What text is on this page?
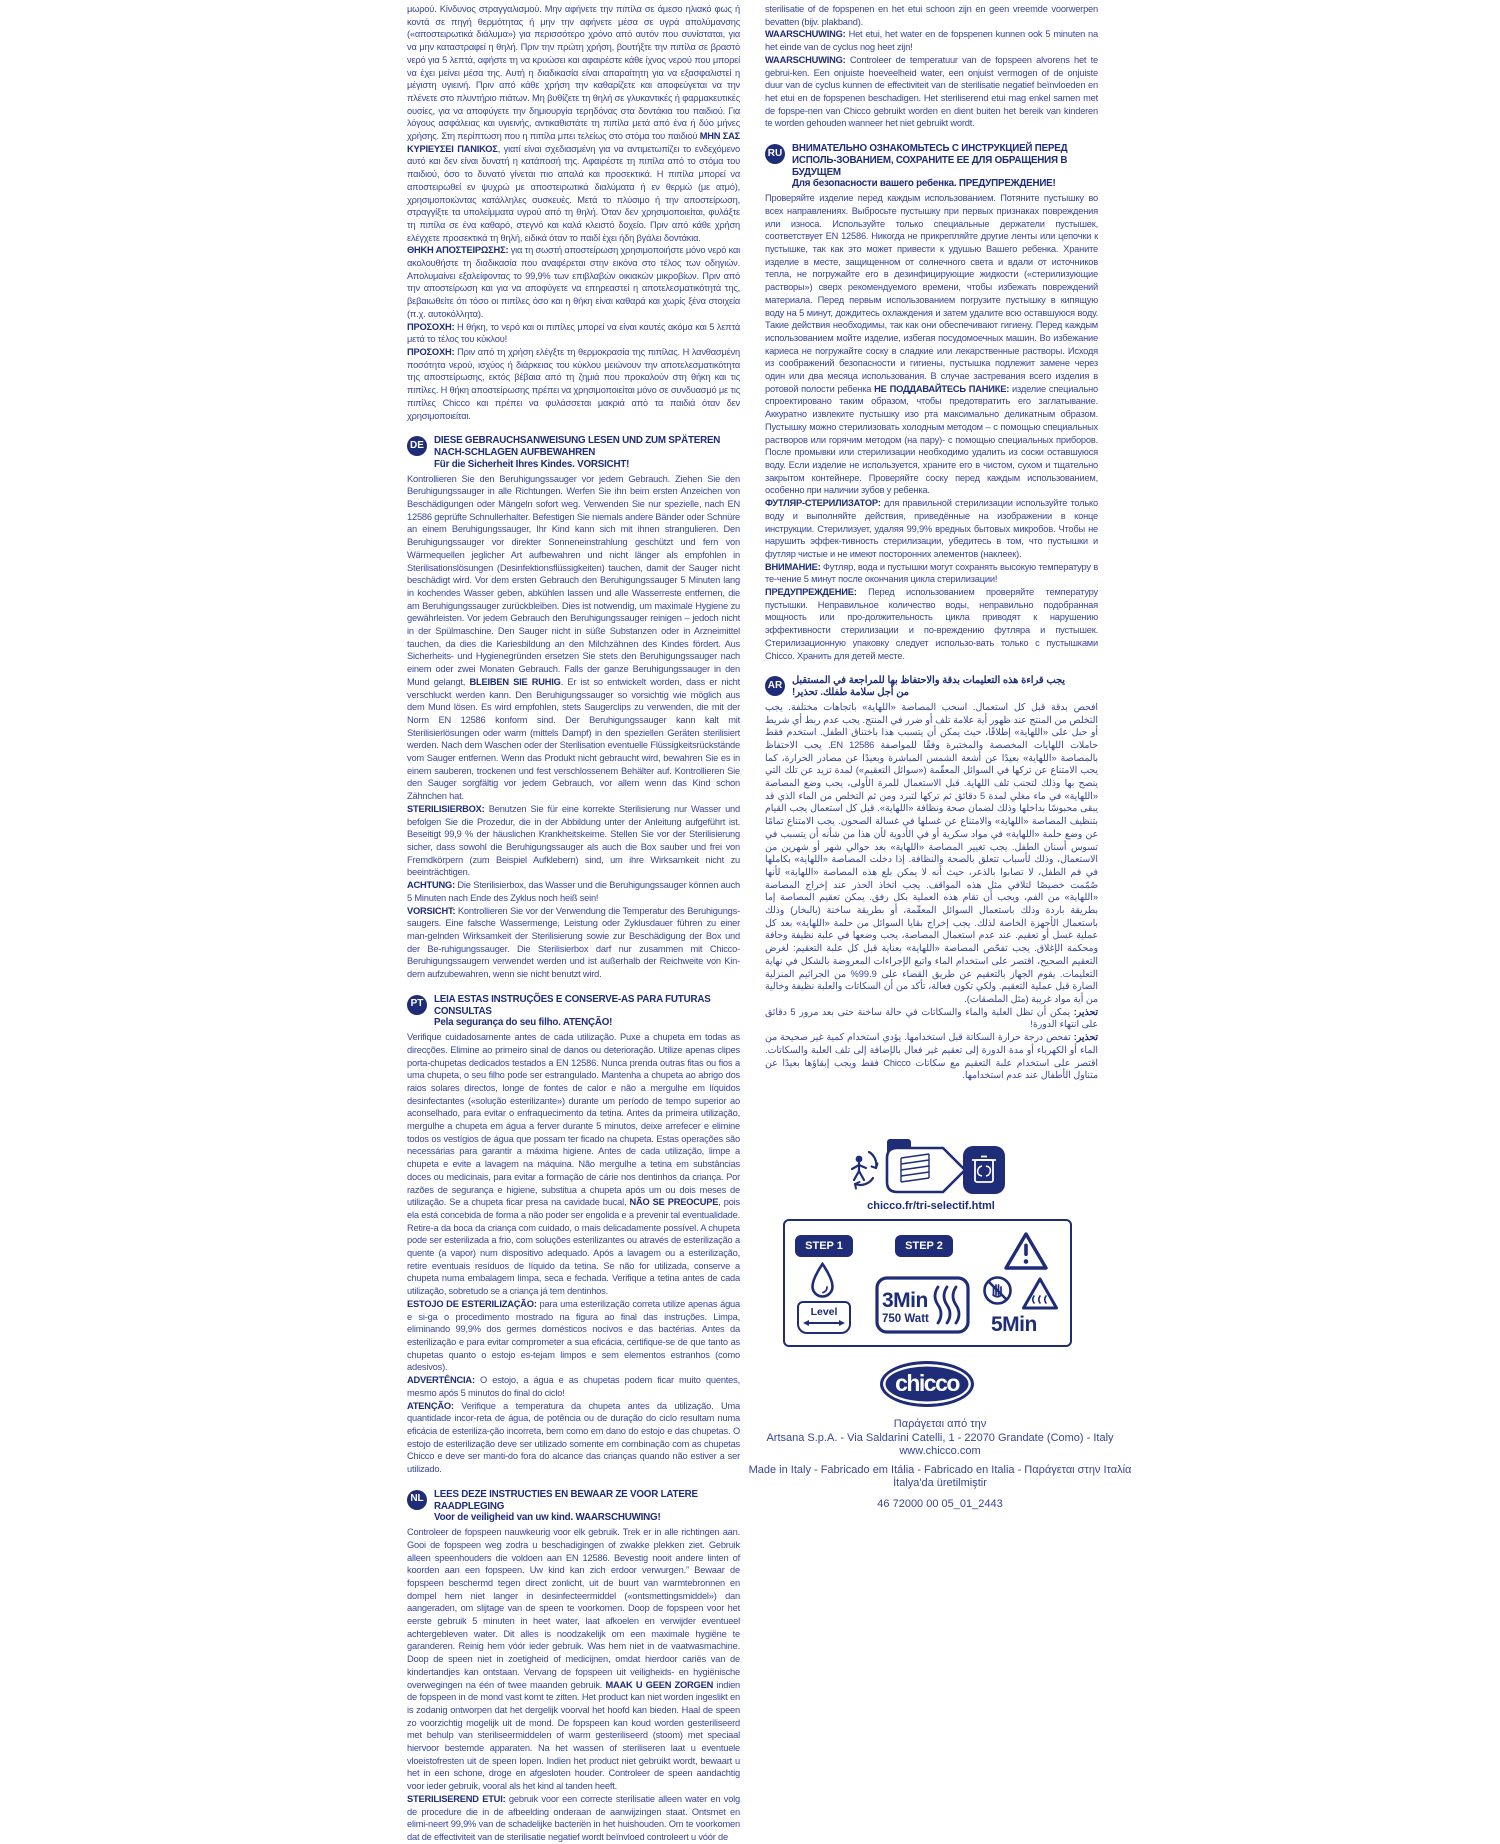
μωρού. Κίνδυνος στραγγαλισμού. Μην αφήνετε την πιπίλα σε άμεσο ηλιακό φως ή κοντά σε πηγή θερμότητας ή μην την αφήνετε μέσα σε υγρά απολύμανσης («αποστειρωτικά διάλυμα») για περισσότερο χρόνο από αυτόν που συνίσταται, για να μην καταστραφεί η θηλή. Πριν την πρώτη χρήση, βουτήξτε την πιπίλα σε βραστό νερό για 5 λεπτά, αφήστε τη να κρυώσει και αφαιρέστε κάθε ίχνος νερού που μπορεί να έχει μείνει μέσα της. Αυτή η διαδικασία είναι απαραίτητη για να εξασφαλιστεί η μέγιστη υγιεινή. Πριν από κάθε χρήση την καθαρίζετε και αποφεύγεται να την πλένετε στο πλυντήριο πιάτων. Μη βυθίζετε τη θηλή σε γλυκαντικές ή φαρμακευτικές ουσίες, για να αποφύγετε την δημιουργία τερηδόνας στα δοντάκια του παιδιού. Για λόγους ασφάλειας και υγιεινής, αντικαθιστάτε τη πιπίλα μετά από ένα ή δύο μήνες χρήσης. Στη περίπτωση που η πιπίλα μπει τελείως στο στόμα του παιδιού ΜΗΝ ΣΑΣ ΚΥΡΙΕΥΣΕΙ ΠΑΝΙΚΟΣ, γιατί είναι σχεδιασμένη για να αντιμετωπίζει το ενδεχόμενο αυτό και δεν είναι δυνατή η κατάποσή της. Αφαιρέστε τη πιπίλα από το στόμα του παιδιού, όσο το δυνατό γίνεται πιο απαλά και προσεκτικά. Η πιπίλα μπορεί να αποστειρωθεί εν ψυχρώ με αποστειρωτικά διαλύματα ή εν θερμώ (με ατμό), χρησιμοποιώντας κατάλληλες συσκευές. Μετά το πλύσιμο ή την αποστείρωση, στραγγίξτε τα υπολείμματα υγρού από τη θηλή. Όταν δεν χρησιμοποιείται, φυλάξτε τη πιπίλα σε ένα καθαρό, στεγνό και καλά κλειστό δοχείο. Πριν από κάθε χρήση ελέγχετε προσεκτικά τη θηλή, ειδικά όταν το παιδί έχει ήδη βγάλει δοντάκια.

ΘΗΚΗ ΑΠΟΣΤΕΙΡΩΣΗΣ: για τη σωστή αποστείρωση χρησιμοποιήστε μόνο νερό και ακολουθήστε τη διαδικασία που αναφέρεται στην εικόνα στο τέλος των οδηγιών. Απολυμαίνει εξαλείφοντας το 99,9% των επιβλαβών οικιακών μικροβίων. Πριν από την αποστείρωση και για να αποφύγετε να επηρεαστεί η αποτελεσματικότητά της, βεβαιωθείτε ότι τόσο οι πιπίλες όσο και η θήκη είναι καθαρά και χωρίς ξένα στοιχεία (π.χ. αυτοκόλλητα).

ΠΡΟΣΟΧΗ: Η θήκη, το νερό και οι πιπίλες μπορεί να είναι καυτές ακόμα και 5 λεπτά μετά το τέλος του κύκλου!

ΠΡΟΣΟΧΗ: Πριν από τη χρήση ελέγξτε τη θερμοκρασία της πιπίλας. Η λανθασμένη ποσότητα νερού, ισχύος ή διάρκειας του κύκλου μειώνουν την αποτελεσματικότητα της αποστείρωσης, εκτός βέβαια από τη ζημιά που προκαλούν στη θήκη και τις πιπίλες. Η θήκη αποστείρωσης πρέπει να χρησιμοποιείται μόνο σε συνδυασμό με τις πιπίλες Chicco και πρέπει να φυλάσσεται μακριά από τα παιδιά όταν δεν χρησιμοποιείται.

DE	DIESE GEBRAUCHSANWEISUNG LESEN UND ZUM SPÄTEREN NACH-SCHLAGEN AUFBEWAHREN
Für die Sicherheit Ihres Kindes. VORSICHT!

Kontrollieren Sie den Beruhigungssauger vor jedem Gebrauch. Ziehen Sie den Beruhigungssauger in alle Richtungen. Werfen Sie ihn beim ersten Anzeichen von Beschädigungen oder Mängeln sofort weg. Verwenden Sie nur spezielle, nach EN 12586 geprüfte Schnullerhalter. Befestigen Sie niemals andere Bänder oder Schnüre an einem Beruhigungssauger, Ihr Kind kann sich mit ihnen strangulieren. Den Beruhigungssauger vor direkter Sonneneinstrahlung geschützt und fern von Wärmequellen jeglicher Art aufbewahren und nicht länger als empfohlen in Sterilisationslösungen (Desinfektionsflüssigkeiten) tauchen, damit der Sauger nicht beschädigt wird. Vor dem ersten Gebrauch den Beruhigungssauger 5 Minuten lang in kochendes Wasser geben, abkühlen lassen und alle Wasserreste entfernen, die am Beruhigungssauger zurückbleiben. Dies ist notwendig, um maximale Hygiene zu gewährleisten. Vor jedem Gebrauch den Beruhigungssauger reinigen – jedoch nicht in der Spülmaschine. Den Sauger nicht in süße Substanzen oder in Arzneimittel tauchen, da dies die Kariesbildung an den Milchzähnen des Kindes fördert. Aus Sicherheits- und Hygienegründen ersetzen Sie stets den Beruhigungssauger nach einem oder zwei Monaten Gebrauch. Falls der ganze Beruhigungssauger in den Mund gelangt, BLEIBEN SIE RUHIG. Er ist so entwickelt worden, dass er nicht verschluckt werden kann. Den Beruhigungssauger so vorsichtig wie möglich aus dem Mund lösen. Es wird empfohlen, stets Saugerclips zu verwenden, die mit der Norm EN 12586 konform sind. Der Beruhigungssauger kann kalt mit Sterilisierlösungen oder warm (mittels Dampf) in den speziellen Geräten sterilisiert werden. Nach dem Waschen oder der Sterilisation eventuelle Flüssigkeitsrückstände vom Sauger entfernen. Wenn das Produkt nicht gebraucht wird, bewahren Sie es in einem sauberen, trockenen und fest verschlossenem Behälter auf. Kontrollieren Sie den Sauger sorgfältig vor jedem Gebrauch, vor allem wenn das Kind schon Zähnchen hat.

STERILISIERBOX: Benutzen Sie für eine korrekte Sterilisierung nur Wasser und befolgen Sie die Prozedur, die in der Abbildung unter der Anleitung aufgeführt ist. Beseitigt 99,9 % der häuslichen Krankheitskeime. Stellen Sie vor der Sterilisierung sicher, dass sowohl die Beruhigungssauger als auch die Box sauber und frei von Fremdkörpern (zum Beispiel Aufklebern) sind, um ihre Wirksamkeit nicht zu beeinträchtigen.

ACHTUNG: Die Sterilisierbox, das Wasser und die Beruhigungssauger können auch 5 Minuten nach Ende des Zyklus noch heiß sein!

VORSICHT: Kontrollieren Sie vor der Verwendung die Temperatur des Beruhigungs-saugers. Eine falsche Wassermenge, Leistung oder Zyklusdauer führen zu einer man-gelnden Wirksamkeit der Sterilisierung sowie zur Beschädigung der Box und der Be-ruhigungssauger. Die Sterilisierbox darf nur zusammen mit Chicco-Beruhigungssaugern verwendet werden und ist außerhalb der Reichweite von Kin-dern aufzubewahren, wenn sie nicht benutzt wird.

PT	LEIA ESTAS INSTRUÇÕES E CONSERVE-AS PARA FUTURAS CONSULTAS
Pela segurança do seu filho. ATENÇÃO!

Verifique cuidadosamente antes de cada utilização. Puxe a chupeta em todas as direcções. Elimine ao primeiro sinal de danos ou deterioração. Utilize apenas clipes porta-chupetas dedicados testados a EN 12586. Nunca prenda outras fitas ou fios a uma chupeta, o seu filho pode ser estrangulado. Mantenha a chupeta ao abrigo dos raios solares directos, longe de fontes de calor e não a mergulhe em líquidos desinfectantes («solução esterilizante») durante um período de tempo superior ao aconselhado, para evitar o enfraquecimento da tetina. Antes da primeira utilização, mergulhe a chupeta em água a ferver durante 5 minutos, deixe arrefecer e elimine todos os vestígios de água que possam ter ficado na chupeta. Estas operações são necessárias para garantir a máxima higiene. Antes de cada utilização, limpe a chupeta e evite a lavagem na máquina. Não mergulhe a tetina em substâncias doces ou medicinais, para evitar a formação de cárie nos dentinhos da criança. Por razões de segurança e higiene, substitua a chupeta após um ou dois meses de utilização. Se a chupeta ficar presa na cavidade bucal, NÃO SE PREOCUPE, pois ela está concebida de forma a não poder ser engolida e a prevenir tal eventualidade. Retire-a da boca da criança com cuidado, o mais delicadamente possível. A chupeta pode ser esterilizada a frio, com soluções esterilizantes ou através de esterilização a quente (a vapor) num dispositivo adequado. Após a lavagem ou a esterilização, retire eventuais resíduos de líquido da tetina. Se não for utilizada, conserve a chupeta numa embalagem limpa, seca e fechada. Verifique a tetina antes de cada utilização, sobretudo se a criança já tem dentinhos.

ESTOJO DE ESTERILIZAÇÃO: para uma esterilização correta utilize apenas água e si-ga o procedimento mostrado na figura ao final das instruções. Limpa, eliminando 99,9% dos germes domésticos nocivos e das bactérias. Antes da esterilização e para evitar comprometer a sua eficácia, certifique-se de que tanto as chupetas quanto o estojo es-tejam limpos e sem elementos estranhos (como adesivos).

ADVERTÊNCIA: O estojo, a água e as chupetas podem ficar muito quentes, mesmo após 5 minutos do final do ciclo!

ATENÇÃO: Verifique a temperatura da chupeta antes da utilização. Uma quantidade incor-reta de água, de potência ou de duração do ciclo resultam numa eficácia de esteriliza-ção incorreta, bem como em dano do estojo e das chupetas. O estojo de esterilização deve ser utilizado somente em combinação com as chupetas Chicco e deve ser manti-do fora do alcance das crianças quando não estiver a ser utilizado.

NL	LEES DEZE INSTRUCTIES EN BEWAAR ZE VOOR LATERE RAADPLEGING
Voor de veiligheid van uw kind. WAARSCHUWING!

Controleer de fopspeen nauwkeurig voor elk gebruik. Trek er in alle richtingen aan. Gooi de fopspeen weg zodra u beschadigingen of zwakke plekken ziet. Gebruik alleen speenhouders die voldoen aan EN 12586. Bevestig nooit andere linten of koorden aan een fopspeen. Uw kind kan zich erdoor verwurgen.” Bewaar de fopspeen beschermd tegen direct zonlicht, uit de buurt van warmtebronnen en dompel hem niet langer in desinfecteermiddel («ontsmettingsmiddel») dan aangeraden, om slijtage van de speen te voorkomen. Doop de fopspeen voor het eerste gebruik 5 minuten in heet water, laat afkoelen en verwijder eventueel achtergebleven water. Dit alles is noodzakelijk om een maximale hygiëne te garanderen. Reinig hem vóór ieder gebruik. Was hem niet in de vaatwasmachine. Doop de speen niet in zoetigheid of medicijnen, omdat hierdoor cariës van de kindertandjes kan ontstaan. Vervang de fopspeen uit veiligheids- en hygiënische overwegingen na één of twee maanden gebruik. MAAK U GEEN ZORGEN indien de fopspeen in de mond vast komt te zitten. Het product kan niet worden ingeslikt en is zodanig ontworpen dat het dergelijk voorval het hoofd kan bieden. Haal de speen zo voorzichtig mogelijk uit de mond. De fopspeen kan koud worden gesteriliseerd met behulp van steriliseermiddelen of warm gesteriliseerd (stoom) met speciaal hiervoor bestemde apparaten. Na het wassen of steriliseren laat u eventuele vloeistofresten uit de speen lopen. Indien het product niet gebruikt wordt, bewaart u het in een schone, droge en afgesloten houder. Controleer de speen aandachtig voor ieder gebruik, vooral als het kind al tanden heeft.

STERILISEREND ETUI: gebruik voor een correcte sterilisatie alleen water en volg de procedure die in de afbeelding onderaan de aanwijzingen staat. Ontsmet en elimi-neert 99,9% van de schadelijke bacteriën in het huishouden. Om te voorkomen dat de effectiviteit van de sterilisatie negatief wordt beïnvloed controleert u vóór de

sterilisatie of de fopspenen en het etui schoon zijn en geen vreemde voorwerpen bevatten (bijv. plakband).

WAARSCHUWING: Het etui, het water en de fopspenen kunnen ook 5 minuten na het einde van de cyclus nog heet zijn!

WAARSCHUWING: Controleer de temperatuur van de fopspeen alvorens het te gebrui-ken. Een onjuiste hoeveelheid water, een onjuist vermogen of de onjuiste duur van de cyclus kunnen de effectiviteit van de sterilisatie negatief beïnvloeden en het etui en de fopspenen beschadigen. Het steriliserend etui mag enkel samen met de fopspe-nen van Chicco gebruikt worden en dient buiten het bereik van kinderen te worden gehouden wanneer het niet gebruikt wordt.

RU ВНИМАТЕЛЬНО ОЗНАКОМЬТЕСЬ С ИНСТРУКЦИЕЙ ПЕРЕД ИСПОЛЬ-ЗОВАНИЕМ, СОХРАНИТЕ ЕЕ ДЛЯ ОБРАЩЕНИЯ В БУДУЩЕМ
Для безопасности вашего ребенка. ПРЕДУПРЕЖДЕНИЕ!

Проверяйте изделие перед каждым использованием. Потяните пустышку во всех направлениях. Выбросьте пустышку при первых признаках повреждения или износа. Используйте только специальные держатели пустышек, соответствует EN 12586. Никогда не прикрепляйте другие ленты или цепочки к пустышке, так как это может привести к удушью Вашего ребенка. Храните изделие в месте, защищенном от солнечного света и вдали от источников тепла, не погружайте его в дезинфицирующие жидкости («стерилизующие растворы») сверх рекомендуемого времени, чтобы избежать повреждений материала. Перед первым использованием погрузите пустышку в кипящую воду на 5 минут, дождитесь охлаждения и затем удалите всю оставшуюся воду. Такие действия необходимы, так как они обеспечивают гигиену. Перед каждым использованием мойте изделие, избегая посудомоечных машин. Во избежание кариеса не погружайте соску в сладкие или лекарственные растворы. Исходя из соображений безопасности и гигиены, пустышка подлежит замене через один или два месяца использования. В случае застревания всего изделия в ротовой полости ребенка НЕ ПОДДАВАЙТЕСЬ ПАНИКЕ: изделие специально спроектировано таким образом, чтобы предотвратить его заглатывание. Аккуратно извлеките пустышку изо рта максимально деликатным образом. Пустышку можно стерилизовать холодным методом – с помощью специальных растворов или горячим методом (на пару)- с помощью специальных приборов. После промывки или стерилизации необходимо удалить из соски оставшуюся воду. Если изделие не используется, храните его в чистом, сухом и тщательно закрытом контейнере. Проверяйте соску перед каждым использованием, особенно при наличии зубов у ребенка.

ФУТЛЯР-СТЕРИЛИЗАТОР: для правильной стерилизации используйте только воду и выполняйте действия, приведённые на изображении в конце инструкции. Стерилизует, удаляя 99,9% вредных бытовых микробов. Чтобы не нарушить эффек-тивность стерилизации, убедитесь в том, что пустышки и футляр чистые и не имеют посторонних элементов (наклеек).

ВНИМАНИЕ: Футляр, вода и пустышки могут сохранять высокую температуру в те-чение 5 минут после окончания цикла стерилизации!

ПРЕДУПРЕЖДЕНИЕ: Перед использованием проверяйте температуру пустышки. Неправильное количество воды, неправильно подобранная мощность или про-должительность цикла приводят к нарушению эффективности стерилизации и по-вреждению футляра и пустышек. Стерилизационную упаковку следует использо-вать только с пустышками Chicco. Хранить для детей месте.

AR يجب قراءة هذه التعليمات بدقة والاحتفاظ بها للمراجعة في المستقبل
من أجل سلامة طفلك. تحذير!

افحص بدقة قبل كل استعمال. اسحب المصاصة «اللهاية» باتجاهات مختلفة. يجب التخلص من المنتج عند ظهور أية علامة تلف أو ضرر في المنتج. يجب عدم ربط أي شريط أو حبل على «اللهاية» إطلاقًا، حيث يمكن أن يتسبب هذا باختناق الطفل. استخدم فقط حاملات اللهايات المخصصة والمختبرة وفقًا للمواصفة EN 12586. يجب الاحتفاظ بالمصاصة «اللهاية» بعيدًا عن أشعة الشمس المباشرة وبعيدًا عن مصادر الحرارة، كما يجب الامتناع عن تركها في السوائل المعقّمة («سوائل التعقيم») لمدة تزيد عن تلك التي ينصح بها وذلك لتجنب تلف اللهاية. قبل الاستعمال للمرة الأولى، يجب وضع المصاصة «اللهاية» في ماء مغلي لمدة 5 دقائق ثم تركها لتبرد ومن ثم التخلص من الماء الذي قد يبقى محبوسًا بداخلها وذلك لضمان صحة ونظافة «اللهاية». قبل كل استعمال يجب القيام بتنظيف المصاصة «اللهاية» والامتناع عن غسلها في غسالة الصحون. يجب الامتناع تمامًا عن وضع حلمة «اللهاية» في مواد سكرية أو في الأدوية لأن هذا من شأنه أن يتسبب في تسوس أسنان الطفل. يجب تغيير المصاصة «اللهاية» بعد حوالي شهر أو شهرين من الاستعمال، وذلك لأسباب تتعلق بالصحة والنظافة. إذا دخلت المصاصة «اللهاية» بكاملها في فم الطفل، لا تصابوا بالذعر، حيث أنه لا يمكن بلع هذه المصاصة «اللهاية» لأنها صُمّمت خصيصًا لتلافي مثل هذه المواقف. يجب اتخاذ الحذر عند إخراج المصاصة «اللهاية» من الفم، ويجب أن تقام هذه العملية بكل رفق. يمكن تعقيم المصاصة إما بطريقة باردة وذلك باستعمال السوائل المعقّمة، أو بطريقة ساخنة (بالبخار) وذلك باستعمال الأجهزة الخاصة لذلك. يجب إخراج بقايا السوائل من حلمة «اللهاية» بعد كل عملية غسل أو تعقيم. عند عدم استعمال المصاصة، يجب وضعها في علبة نظيفة وجافة ومحكمة الإغلاق. يجب تفحّص المصاصة «اللهاية» بعناية قبل كل علبة التعقيم: لغرض التعقيم الصحيح، اقتصر على استخدام الماء واتبع الإجراءات المعروضة بالشكل في نهاية التعليمات. يقوم الجهاز بالتعقيم عن طريق القضاء على 99.9% من الجراثيم المنزلية الضارة قبل عملية التعقيم. ولكي تكون فعالة، تأكد من أن السكاتات والعلبة نظيفة وخالية من أية مواد غريبة (مثل الملصقات).

تحذير: يمكن أن تظل العلبة والماء والسكاتات في حالة ساخنة حتى بعد مرور 5 دقائق على انتهاء الدورة!

تحذير: تفحص درجة حرارة السكاتة قبل استخدامها. يؤدي استخدام كمية غير صحيحة من الماء أو الكهرباء أو مدة الدورة إلى تعقيم غير فعال بالإضافة إلى تلف العلبة والسكاتات. اقتصر على استخدام علبة التعقيم مع سكاتات Chicco فقط ويجب إبقاؤها بعيدًا عن متناول الأطفال عند عدم استخدامها.

chicco.fr/tri-selectif.html
STEP 1	STEP 2
Level	3Min
750 Watt	5Min
chicco
Παράγεται από την
Artsana S.p.A. - Via Saldarini Catelli, 1 - 22070 Grandate (Como) - Italy
www.chicco.com
Made in Italy - Fabricado em Itália - Fabricado en Italia - Παράγεται στην Ιταλία
İtalya'da üretilmiştir
46 72000 00 05_01_2443
